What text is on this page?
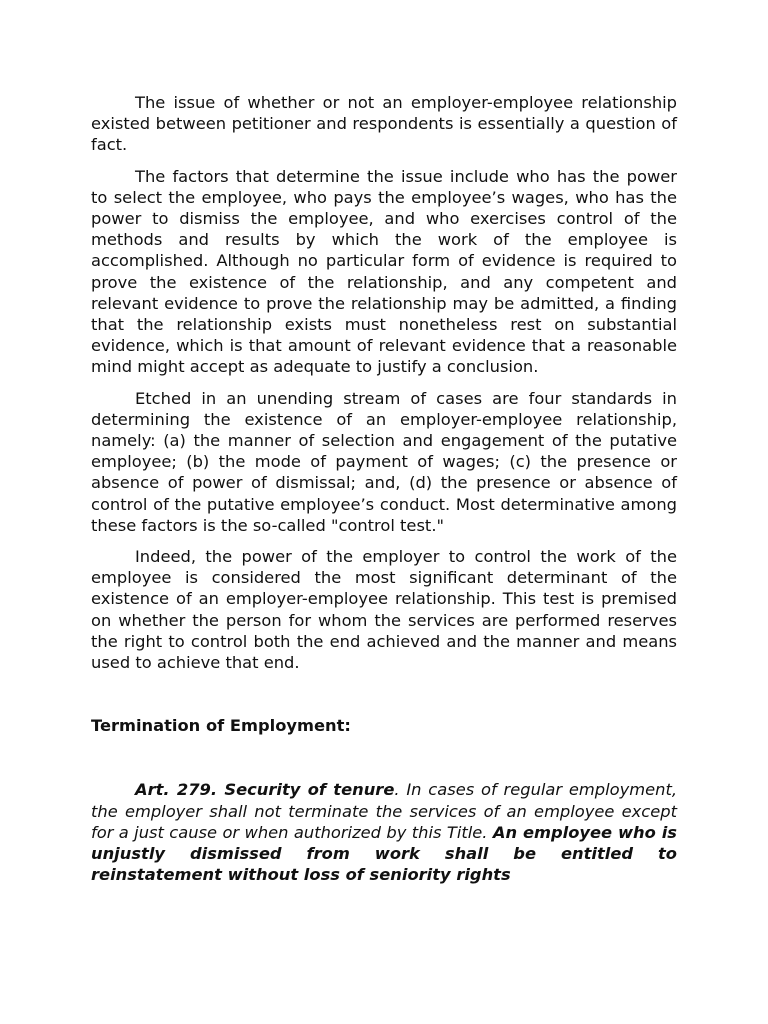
The issue of whether or not an employer-employee relationship existed between petitioner and respondents is essentially a question of fact.

The factors that determine the issue include who has the power to select the employee, who pays the employee’s wages, who has the power to dismiss the employee, and who exercises control of the methods and results by which the work of the employee is accomplished. Although no particular form of evidence is required to prove the existence of the relationship, and any competent and relevant evidence to prove the relationship may be admitted, a finding that the relationship exists must nonetheless rest on substantial evidence, which is that amount of relevant evidence that a reasonable mind might accept as adequate to justify a conclusion.

Etched in an unending stream of cases are four standards in determining the existence of an employer-employee relationship, namely: (a) the manner of selection and engagement of the putative employee; (b) the mode of payment of wages; (c) the presence or absence of power of dismissal; and, (d) the presence or absence of control of the putative employee’s conduct. Most determinative among these factors is the so-called "control test."

Indeed, the power of the employer to control the work of the employee is considered the most significant determinant of the existence of an employer-employee relationship. This test is premised on whether the person for whom the services are performed reserves the right to control both the end achieved and the manner and means used to achieve that end.

Termination of Employment:

Art. 279. Security of tenure. In cases of regular employment, the employer shall not terminate the services of an employee except for a just cause or when authorized by this Title. An employee who is unjustly dismissed from work shall be entitled to reinstatement without loss of seniority rights
